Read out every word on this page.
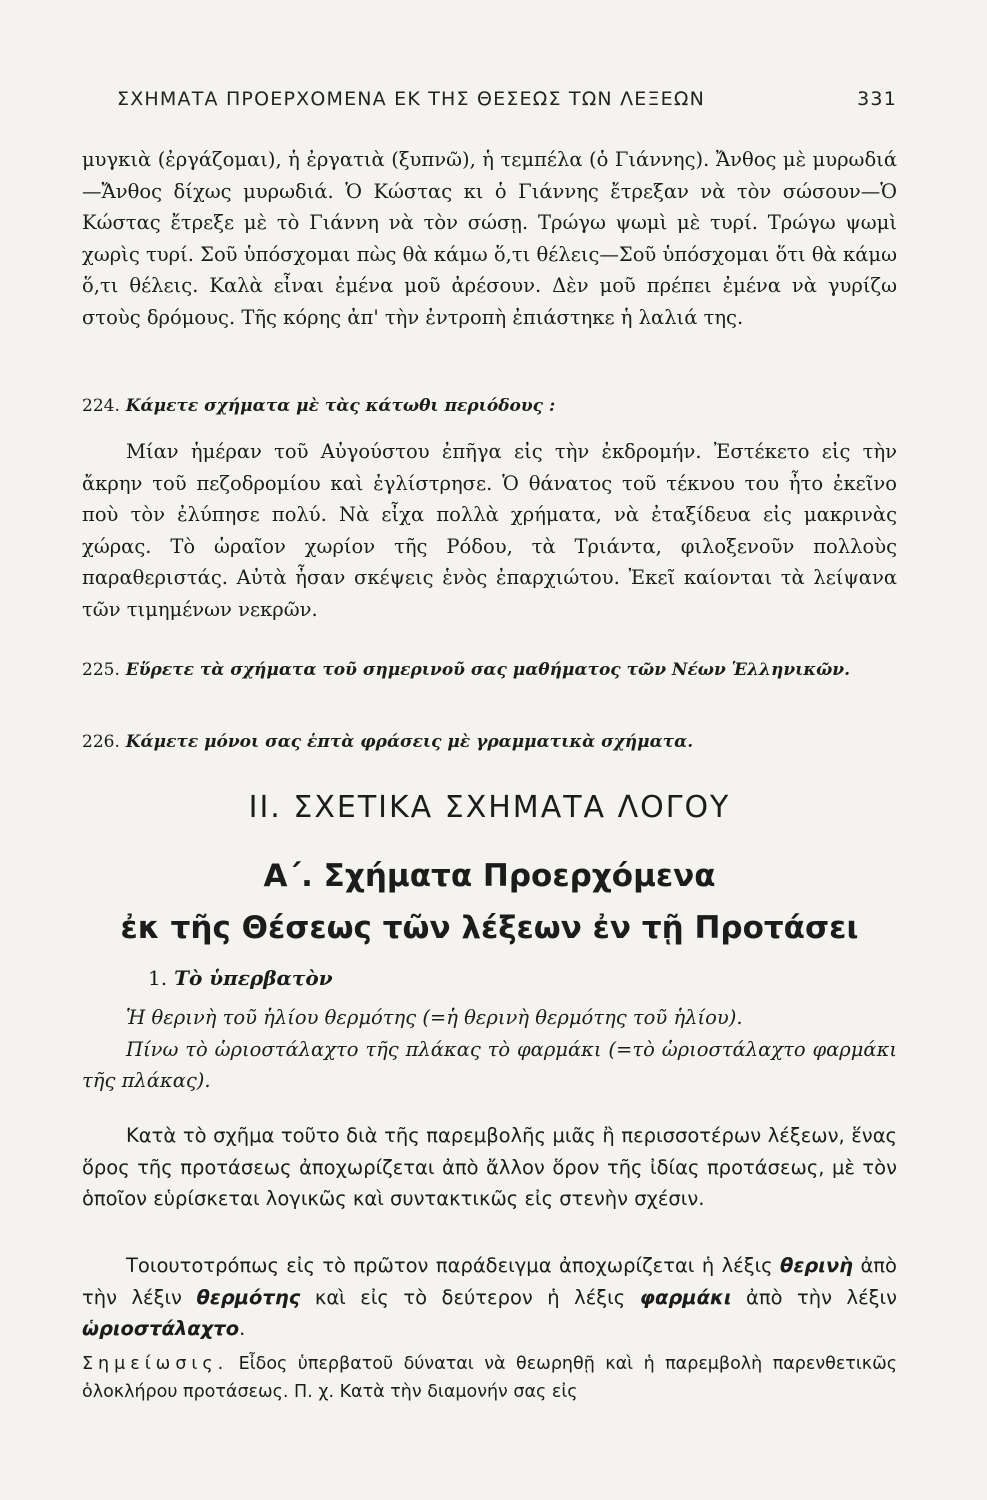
ΣΧΗΜΑΤΑ ΠΡΟΕΡΧΟΜΕΝΑ ΕΚ ΤΗΣ ΘΕΣΕΩΣ ΤΩΝ ΛΕΞΕΩΝ	331

μυγκιὰ (ἐργάζομαι), ἡ ἐργατιὰ (ξυπνῶ), ἡ τεμπέλα (ὁ Γιάννης). Ἄνθος μὲ μυρωδιά—Ἄνθος δίχως μυρωδιά. Ὁ Κώστας κι ὁ Γιάννης ἔτρεξαν νὰ τὸν σώσουν—Ὁ Κώστας ἔτρεξε μὲ τὸ Γιάννη νὰ τὸν σώσῃ. Τρώγω ψωμὶ μὲ τυρί. Τρώγω ψωμὶ χωρὶς τυρί. Σοῦ ὑπόσχομαι πὼς θὰ κάμω ὅ,τι θέλεις—Σοῦ ὑπόσχομαι ὅτι θὰ κάμω ὅ,τι θέλεις. Καλὰ εἶναι ἐμένα μοῦ ἀρέσουν. Δὲν μοῦ πρέπει ἐμένα νὰ γυρίζω στοὺς δρόμους. Τῆς κόρης ἀπ' τὴν ἐντροπὴ ἐπιάστηκε ἡ λαλιά της.

224. Κάμετε σχήματα μὲ τὰς κάτωθι περιόδους :

Μίαν ἡμέραν τοῦ Αὐγούστου ἐπῆγα εἰς τὴν ἐκδρομήν. Ἐστέκετο εἰς τὴν ἄκρην τοῦ πεζοδρομίου καὶ ἐγλίστρησε. Ὁ θάνατος τοῦ τέκνου του ἦτο ἐκεῖνο ποὺ τὸν ἐλύπησε πολύ. Νὰ εἶχα πολλὰ χρήματα, νὰ ἐταξίδευα εἰς μακρινὰς χώρας. Τὸ ὡραῖον χωρίον τῆς Ρόδου, τὰ Τριάντα, φιλοξενοῦν πολλοὺς παραθεριστάς. Αὐτὰ ἦσαν σκέψεις ἑνὸς ἐπαρχιώτου. Ἐκεῖ καίονται τὰ λείψανα τῶν τιμημένων νεκρῶν.

225. Εὕρετε τὰ σχήματα τοῦ σημερινοῦ σας μαθήματος τῶν Νέων Ἑλληνικῶν.
226. Κάμετε μόνοι σας ἑπτὰ φράσεις μὲ γραμματικὰ σχήματα.
ΙΙ. ΣΧΕΤΙΚΑ ΣΧΗΜΑΤΑ ΛΟΓΟΥ
Α΄. Σχήματα Προερχόμενα
ἐκ τῆς Θέσεως τῶν λέξεων ἐν τῇ Προτάσει
1. Τὸ ὑπερβατὸν

Ἡ θερινὴ τοῦ ἡλίου θερμότης (=ἡ θερινὴ θερμότης τοῦ ἡλίου).

Πίνω τὸ ὡριοστάλαχτο τῆς πλάκας τὸ φαρμάκι (=τὸ ὡριοστάλαχτο φαρμάκι τῆς πλάκας).

Κατὰ τὸ σχῆμα τοῦτο διὰ τῆς παρεμβολῆς μιᾶς ἢ περισσοτέρων λέξεων, ἕνας ὅρος τῆς προτάσεως ἀποχωρίζεται ἀπὸ ἄλλον ὅρον τῆς ἰδίας προτάσεως, μὲ τὸν ὁποῖον εὑρίσκεται λογικῶς καὶ συντακτικῶς εἰς στενὴν σχέσιν.

Τοιουτοτρόπως εἰς τὸ πρῶτον παράδειγμα ἀποχωρίζεται ἡ λέξις θερινὴ ἀπὸ τὴν λέξιν θερμότης καὶ εἰς τὸ δεύτερον ἡ λέξις φαρμάκι ἀπὸ τὴν λέξιν ὡριοστάλαχτο.

Σημείωσις. Εἶδος ὑπερβατοῦ δύναται νὰ θεωρηθῇ καὶ ἡ παρεμβολὴ παρενθετικῶς ὁλοκλήρου προτάσεως. Π. χ. Κατὰ τὴν διαμονήν σας εἰς
